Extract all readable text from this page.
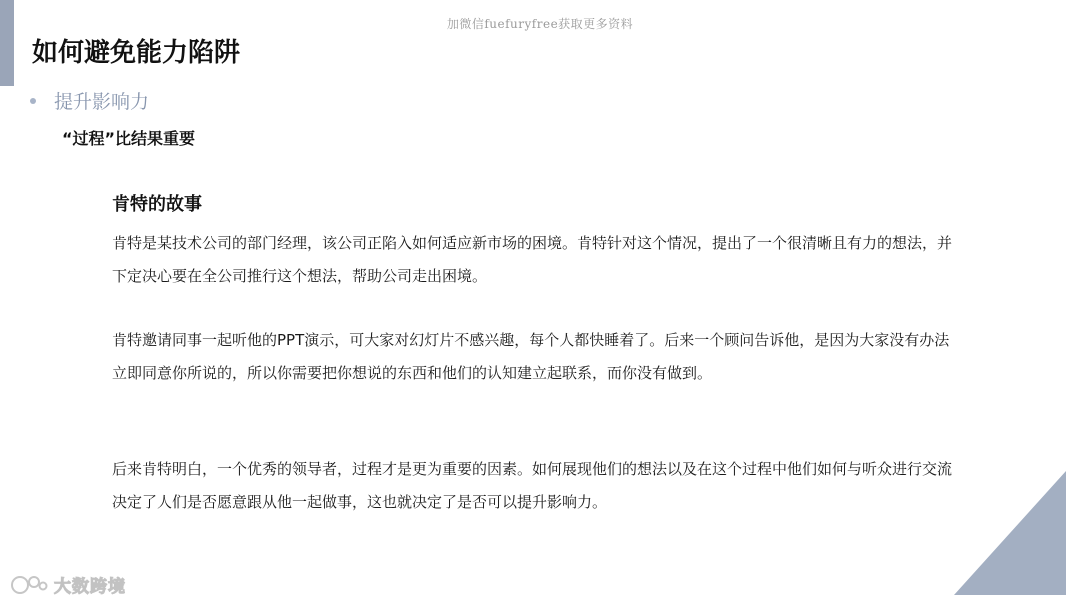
加微信fuefuryfree获取更多资料
如何避免能力陷阱
提升影响力
“过程”比结果重要
肯特的故事

肯特是某技术公司的部门经理，该公司正陷入如何适应新市场的困境。肯特针对这个情况，提出了一个很清晰且有力的想法，并下定决心要在全公司推行这个想法，帮助公司走出困境。

肯特邀请同事一起听他的PPT演示，可大家对幻灯片不感兴趣，每个人都快睡着了。后来一个顾问告诉他，是因为大家没有办法立即同意你所说的，所以你需要把你想说的东西和他们的认知建立起联系，而你没有做到。

后来肯特明白，一个优秀的领导者，过程才是更为重要的因素。如何展现他们的想法以及在这个过程中他们如何与听众进行交流决定了人们是否愿意跟从他一起做事，这也就决定了是否可以提升影响力。

大数跨境
